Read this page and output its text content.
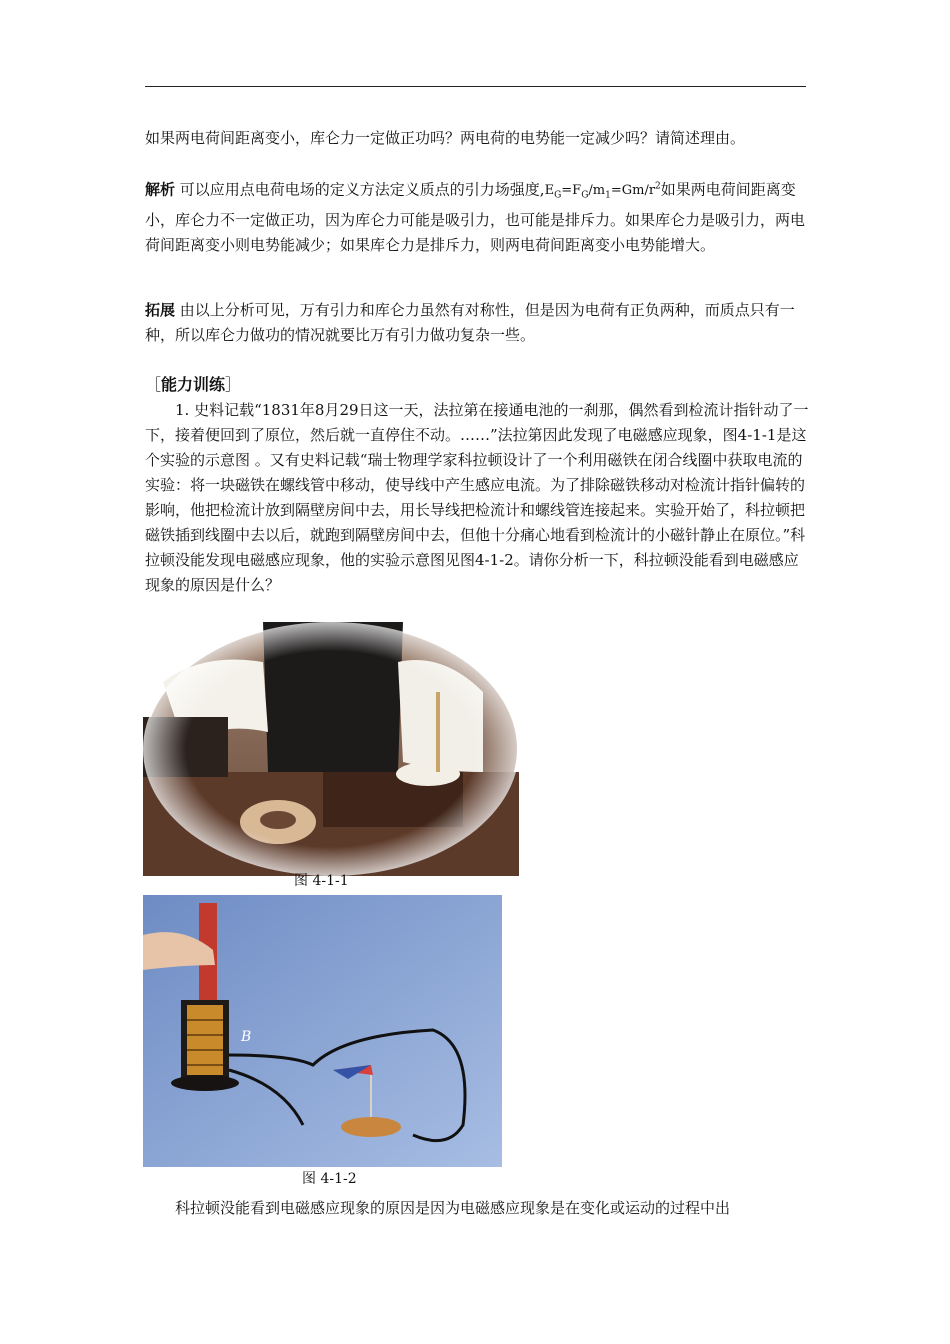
如果两电荷间距离变小，库仑力一定做正功吗？两电荷的电势能一定减少吗？请简述理由。

解析 可以应用点电荷电场的定义方法定义质点的引力场强度$,E_G=F_G/m_1=Gm/r^2$如果两电荷间距离变小，库仑力不一定做正功，因为库仑力可能是吸引力，也可能是排斥力。如果库仑力是吸引力，两电荷间距离变小则电势能减少；如果库仑力是排斥力，则两电荷间距离变小电势能增大。

拓展 由以上分析可见，万有引力和库仑力虽然有对称性，但是因为电荷有正负两种，而质点只有一种，所以库仑力做功的情况就要比万有引力做功复杂一些。

［能力训练］

1. 史料记载“1831年8月29日这一天，法拉第在接通电池的一刹那，偶然看到检流计指针动了一下，接着便回到了原位，然后就一直停住不动。……”法拉第因此发现了电磁感应现象，图4-1-1是这个实验的示意图 。又有史料记载“瑞士物理学家科拉顿设计了一个利用磁铁在闭合线圈中获取电流的实验：将一块磁铁在螺线管中移动，使导线中产生感应电流。为了排除磁铁移动对检流计指针偏转的影响，他把检流计放到隔壁房间中去，用长导线把检流计和螺线管连接起来。实验开始了，科拉顿把磁铁插到线圈中去以后，就跑到隔壁房间中去，但他十分痛心地看到检流计的小磁针静止在原位。”科拉顿没能发现电磁感应现象，他的实验示意图见图4-1-2。请你分析一下，科拉顿没能看到电磁感应现象的原因是什么？

图 4-1-1
B
图 4-1-2

科拉顿没能看到电磁感应现象的原因是因为电磁感应现象是在变化或运动的过程中出
